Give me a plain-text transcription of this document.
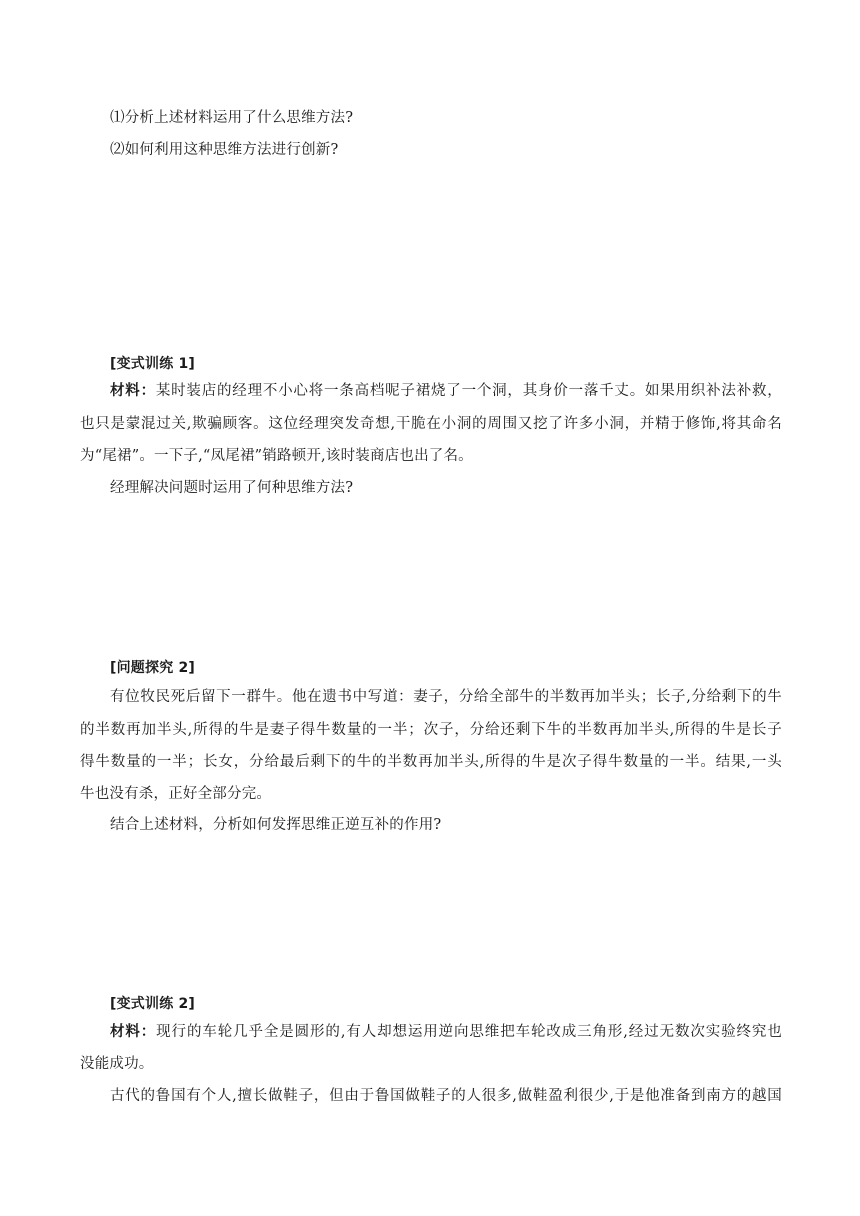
⑴分析上述材料运用了什么思维方法?
⑵如何利用这种思维方法进行创新?
[变式训练 1]
材料：某时装店的经理不小心将一条高档呢子裙烧了一个洞，其身价一落千丈。如果用织补法补救，
也只是蒙混过关,欺骗顾客。这位经理突发奇想,干脆在小洞的周围又挖了许多小洞，并精于修饰,将其命名
为“尾裙”。一下子,“凤尾裙”销路顿开,该时装商店也出了名。
经理解决问题时运用了何种思维方法?
[问题探究 2]
有位牧民死后留下一群牛。他在遗书中写道：妻子，分给全部牛的半数再加半头；长子,分给剩下的牛
的半数再加半头,所得的牛是妻子得牛数量的一半；次子，分给还剩下牛的半数再加半头,所得的牛是长子
得牛数量的一半；长女，分给最后剩下的牛的半数再加半头,所得的牛是次子得牛数量的一半。结果,一头
牛也没有杀，正好全部分完。
结合上述材料，分析如何发挥思维正逆互补的作用?
[变式训练 2]
材料：现行的车轮几乎全是圆形的,有人却想运用逆向思维把车轮改成三角形,经过无数次实验终究也
没能成功。
古代的鲁国有个人,擅长做鞋子，但由于鲁国做鞋子的人很多,做鞋盈利很少,于是他准备到南方的越国
